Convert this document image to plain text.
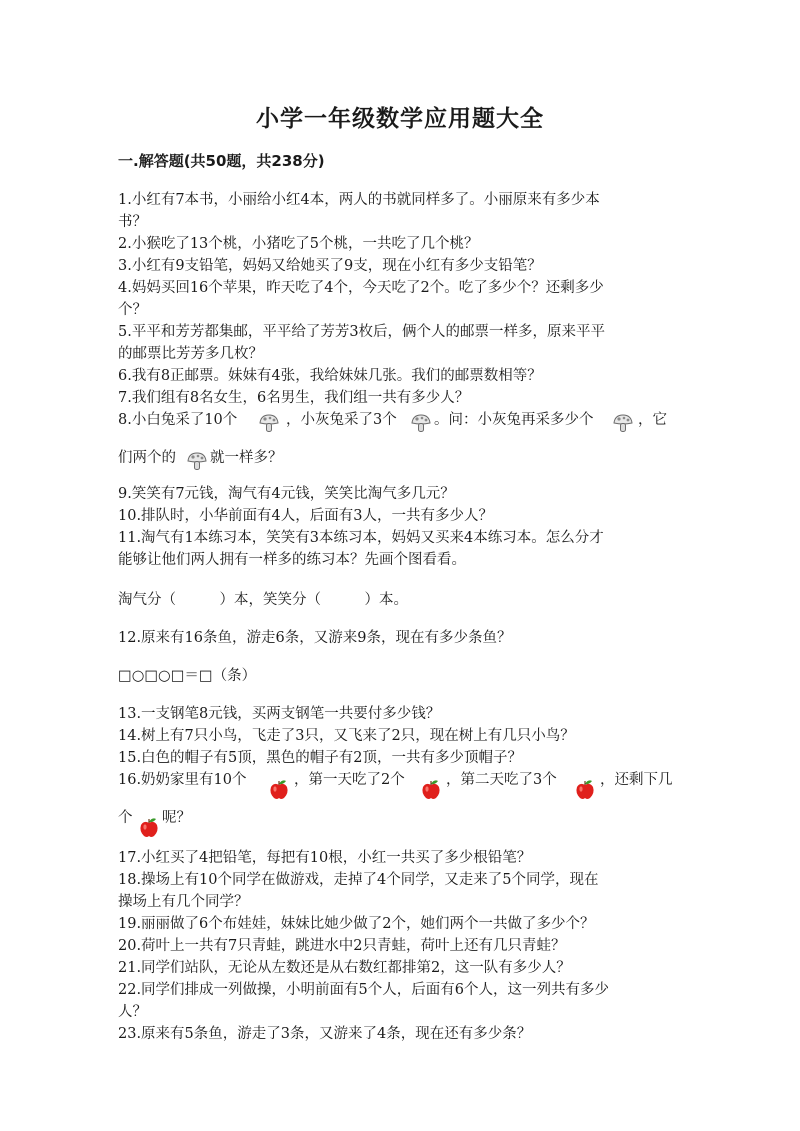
小学一年级数学应用题大全
一.解答题(共50题，共238分)
1.小红有7本书，小丽给小红4本，两人的书就同样多了。小丽原来有多少本
书？
2.小猴吃了13个桃，小猪吃了5个桃，一共吃了几个桃？
3.小红有9支铅笔，妈妈又给她买了9支，现在小红有多少支铅笔？
4.妈妈买回16个苹果，昨天吃了4个，今天吃了2个。吃了多少个？还剩多少
个？
5.平平和芳芳都集邮，平平给了芳芳3枚后，俩个人的邮票一样多，原来平平
的邮票比芳芳多几枚？
6.我有8正邮票。妹妹有4张，我给妹妹几张。我们的邮票数相等？
7.我们组有8名女生，6名男生，我们组一共有多少人？
8.小白兔采了10个	，小灰兔采了3个	。问：小灰兔再采多少个	，它
们两个的 就一样多？
9.笑笑有7元钱，淘气有4元钱，笑笑比淘气多几元？
10.排队时，小华前面有4人，后面有3人，一共有多少人？
11.淘气有1本练习本，笑笑有3本练习本，妈妈又买来4本练习本。怎么分才
能够让他们两人拥有一样多的练习本？先画个图看看。
淘气分（　　　）本，笑笑分（　　　）本。
12.原来有16条鱼，游走6条，又游来9条，现在有多少条鱼？
□○□○□＝□（条）
13.一支钢笔8元钱，买两支钢笔一共要付多少钱？
14.树上有7只小鸟，飞走了3只，又飞来了2只，现在树上有几只小鸟？
15.白色的帽子有5顶，黑色的帽子有2顶，一共有多少顶帽子？
16.奶奶家里有10个	，第一天吃了2个	，第二天吃了3个	，还剩下几
个 呢？
17.小红买了4把铅笔，每把有10根，小红一共买了多少根铅笔？
18.操场上有10个同学在做游戏，走掉了4个同学，又走来了5个同学，现在
操场上有几个同学？
19.丽丽做了6个布娃娃，妹妹比她少做了2个，她们两个一共做了多少个？
20.荷叶上一共有7只青蛙，跳进水中2只青蛙，荷叶上还有几只青蛙？
21.同学们站队，无论从左数还是从右数红都排第2，这一队有多少人？
22.同学们排成一列做操，小明前面有5个人，后面有6个人，这一列共有多少
人？
23.原来有5条鱼，游走了3条，又游来了4条，现在还有多少条？
